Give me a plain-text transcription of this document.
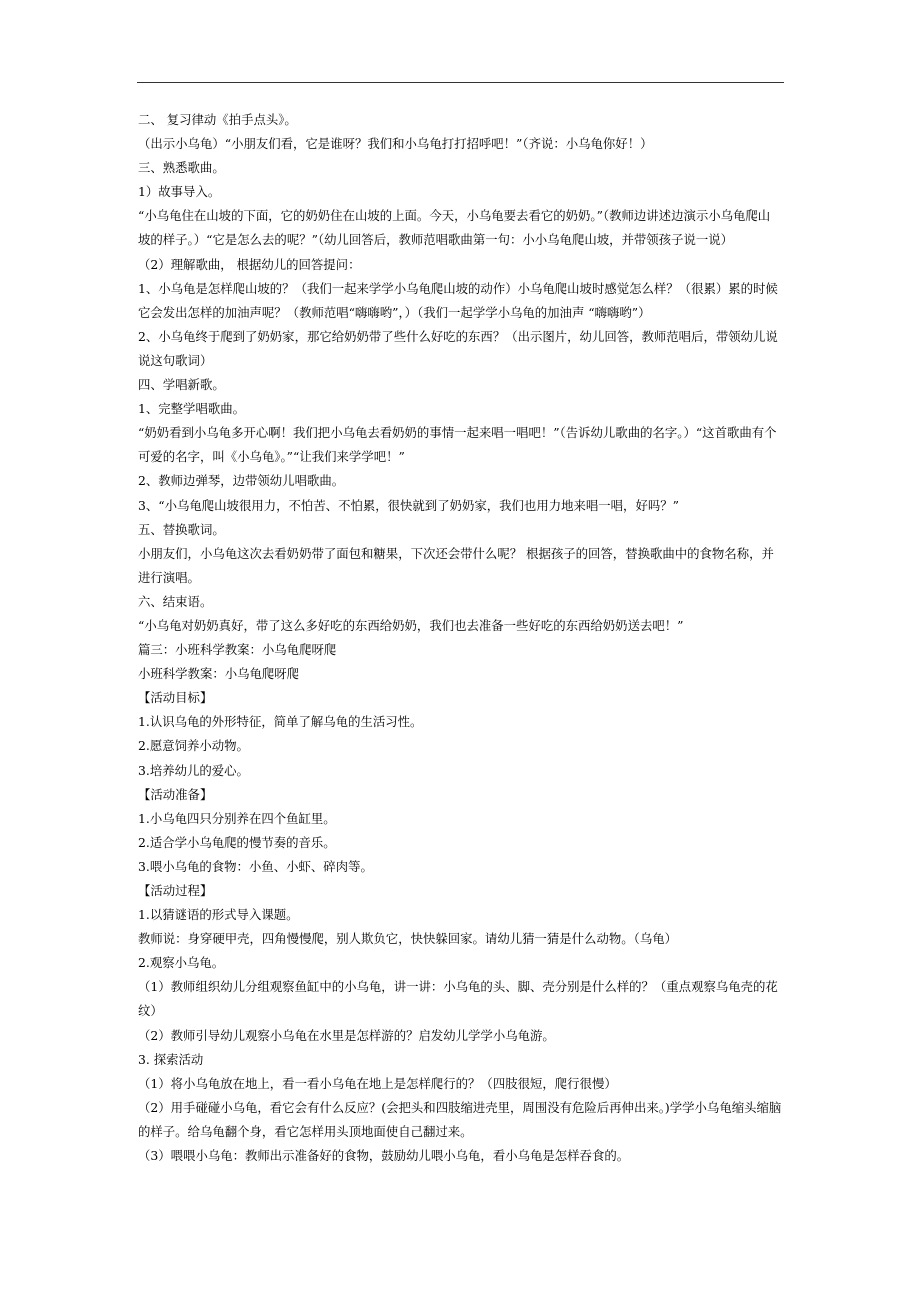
二、 复习律动《拍手点头》。

（出示小乌龟）“小朋友们看，它是谁呀？我们和小乌龟打打招呼吧！”（齐说：小乌龟你好！）

三、熟悉歌曲。

1）故事导入。

“小乌龟住在山坡的下面，它的奶奶住在山坡的上面。今天，小乌龟要去看它的奶奶。”（教师边讲述边演示小乌龟爬山

坡的样子。）“它是怎么去的呢？”（幼儿回答后，教师范唱歌曲第一句：小小乌龟爬山坡，并带领孩子说一说）

（2）理解歌曲， 根据幼儿的回答提问：

1、小乌龟是怎样爬山坡的？（我们一起来学学小乌龟爬山坡的动作）小乌龟爬山坡时感觉怎么样？（很累）累的时候

它会发出怎样的加油声呢？（教师范唱“嗨嗨哟”，）（我们一起学学小乌龟的加油声 “嗨嗨哟”）

2、小乌龟终于爬到了奶奶家，那它给奶奶带了些什么好吃的东西？（出示图片，幼儿回答，教师范唱后，带领幼儿说

说这句歌词）

四、学唱新歌。

1、完整学唱歌曲。

“奶奶看到小乌龟多开心啊！我们把小乌龟去看奶奶的事情一起来唱一唱吧！”（告诉幼儿歌曲的名字。）“这首歌曲有个

可爱的名字，叫《小乌龟》。”“让我们来学学吧！”

2、教师边弹琴，边带领幼儿唱歌曲。

3、“小乌龟爬山坡很用力，不怕苦、不怕累，很快就到了奶奶家，我们也用力地来唱一唱，好吗？”

五、替换歌词。

小朋友们，小乌龟这次去看奶奶带了面包和糖果，下次还会带什么呢？ 根据孩子的回答，替换歌曲中的食物名称，并

进行演唱。

六、结束语。

“小乌龟对奶奶真好，带了这么多好吃的东西给奶奶，我们也去准备一些好吃的东西给奶奶送去吧！”

篇三：小班科学教案：小乌龟爬呀爬

小班科学教案：小乌龟爬呀爬

【活动目标】

1.认识乌龟的外形特征，简单了解乌龟的生活习性。

2.愿意饲养小动物。

3.培养幼儿的爱心。

【活动准备】

1.小乌龟四只分别养在四个鱼缸里。

2.适合学小乌龟爬的慢节奏的音乐。

3.喂小乌龟的食物：小鱼、小虾、碎肉等。

【活动过程】

1.以猜谜语的形式导入课题。

教师说：身穿硬甲壳，四角慢慢爬，别人欺负它，快快躲回家。请幼儿猜一猜是什么动物。（乌龟）

2.观察小乌龟。

（1）教师组织幼儿分组观察鱼缸中的小乌龟，讲一讲：小乌龟的头、脚、壳分别是什么样的？（重点观察乌龟壳的花

纹）

（2）教师引导幼儿观察小乌龟在水里是怎样游的？启发幼儿学学小乌龟游。

3. 探索活动

（1）将小乌龟放在地上，看一看小乌龟在地上是怎样爬行的？（四肢很短，爬行很慢）

（2）用手碰碰小乌龟，看它会有什么反应？(会把头和四肢缩进壳里，周围没有危险后再伸出来。)学学小乌龟缩头缩脑

的样子。给乌龟翻个身，看它怎样用头顶地面使自己翻过来。

（3）喂喂小乌龟：教师出示准备好的食物，鼓励幼儿喂小乌龟，看小乌龟是怎样吞食的。
